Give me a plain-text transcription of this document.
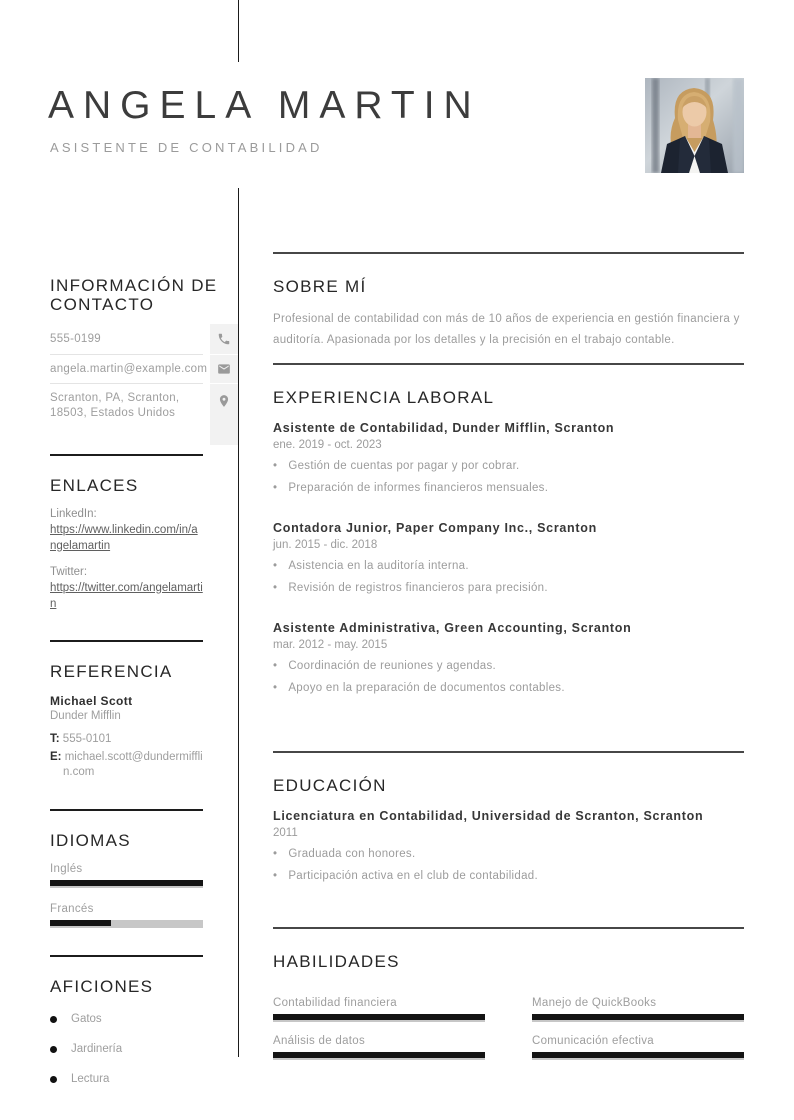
ANGELA MARTIN
ASISTENTE DE CONTABILIDAD
INFORMACIÓN DE CONTACTO
555-0199
angela.martin@example.com
Scranton, PA, Scranton, 18503, Estados Unidos
ENLACES

LinkedIn:

https://www.linkedin.com/in/angelamartin

Twitter:

https://twitter.com/angelamartin
REFERENCIA

Michael Scott

Dunder Mifflin

T: 555-0101

E: michael.scott@dundermifflin.com

IDIOMAS

Inglés

Francés

AFICIONES
Gatos
Jardinería
Lectura
SOBRE MÍ

Profesional de contabilidad con más de 10 años de experiencia en gestión financiera y auditoría. Apasionada por los detalles y la precisión en el trabajo contable.

EXPERIENCIA LABORAL

Asistente de Contabilidad, Dunder Mifflin, Scranton

ene. 2019 - oct. 2023

• Gestión de cuentas por pagar y por cobrar.
• Preparación de informes financieros mensuales.

Contadora Junior, Paper Company Inc., Scranton

jun. 2015 - dic. 2018

• Asistencia en la auditoría interna.
• Revisión de registros financieros para precisión.

Asistente Administrativa, Green Accounting, Scranton

mar. 2012 - may. 2015

• Coordinación de reuniones y agendas.
• Apoyo en la preparación de documentos contables.
EDUCACIÓN

Licenciatura en Contabilidad, Universidad de Scranton, Scranton

2011

• Graduada con honores.
• Participación activa en el club de contabilidad.
HABILIDADES

Contabilidad financiera	Manejo de QuickBooks

Análisis de datos	Comunicación efectiva
